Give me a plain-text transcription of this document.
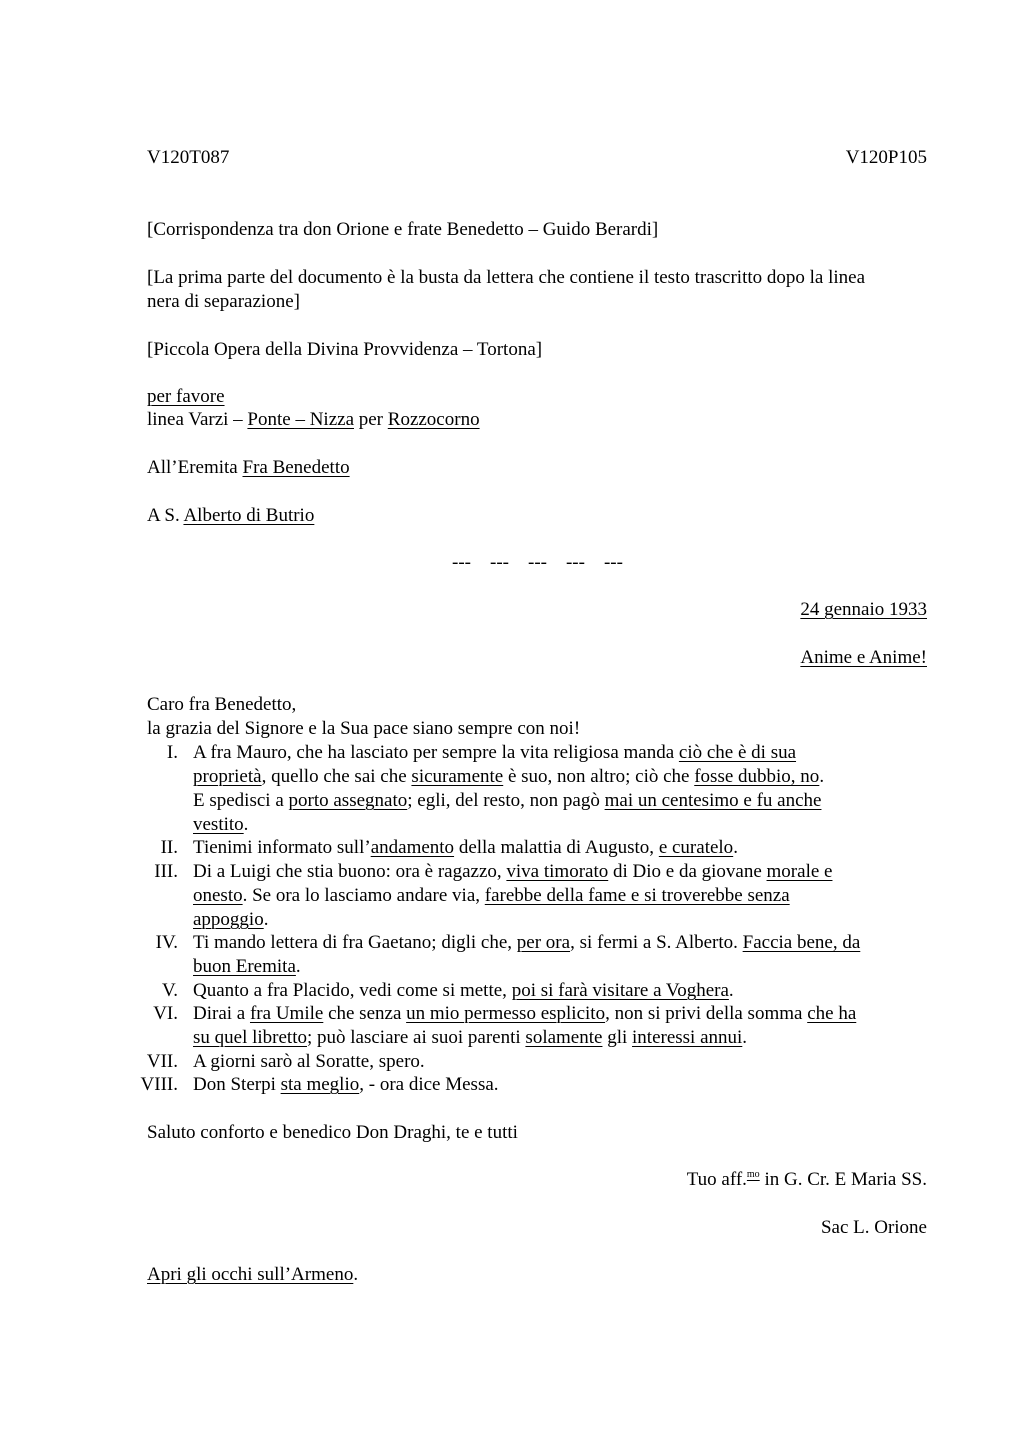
V120T087	V120P105
[Corrispondenza tra don Orione e frate Benedetto – Guido Berardi]
[La prima parte del documento è la busta da lettera che contiene il testo trascritto dopo la linea
nera di separazione]
[Piccola Opera della Divina Provvidenza – Tortona]
per favore
linea Varzi – Ponte – Nizza per Rozzocorno
All’Eremita Fra Benedetto
A S. Alberto di Butrio
---    ---    ---    ---    ---
24 gennaio 1933
Anime e Anime!
Caro fra Benedetto,
la grazia del Signore e la Sua pace siano sempre con noi!
I. A fra Mauro, che ha lasciato per sempre la vita religiosa manda ciò che è di sua
proprietà, quello che sai che sicuramente è suo, non altro; ciò che fosse dubbio, no.
E spedisci a porto assegnato; egli, del resto, non pagò mai un centesimo e fu anche
vestito.
II. Tienimi informato sull’andamento della malattia di Augusto, e curatelo.
III. Di a Luigi che stia buono: ora è ragazzo, viva timorato di Dio e da giovane morale e
onesto. Se ora lo lasciamo andare via, farebbe della fame e si troverebbe senza
appoggio.
IV. Ti mando lettera di fra Gaetano; digli che, per ora, si fermi a S. Alberto. Faccia bene, da
buon Eremita.
V. Quanto a fra Placido, vedi come si mette, poi si farà visitare a Voghera.
VI. Dirai a fra Umile che senza un mio permesso esplicito, non si privi della somma che ha
su quel libretto; può lasciare ai suoi parenti solamente gli interessi annui.
VII. A giorni sarò al Soratte, spero.
VIII. Don Sterpi sta meglio, - ora dice Messa.
Saluto conforto e benedico Don Draghi, te e tutti
Tuo aff.$^{mo}$ in G. Cr. E Maria SS.
Sac L. Orione
Apri gli occhi sull’Armeno.
